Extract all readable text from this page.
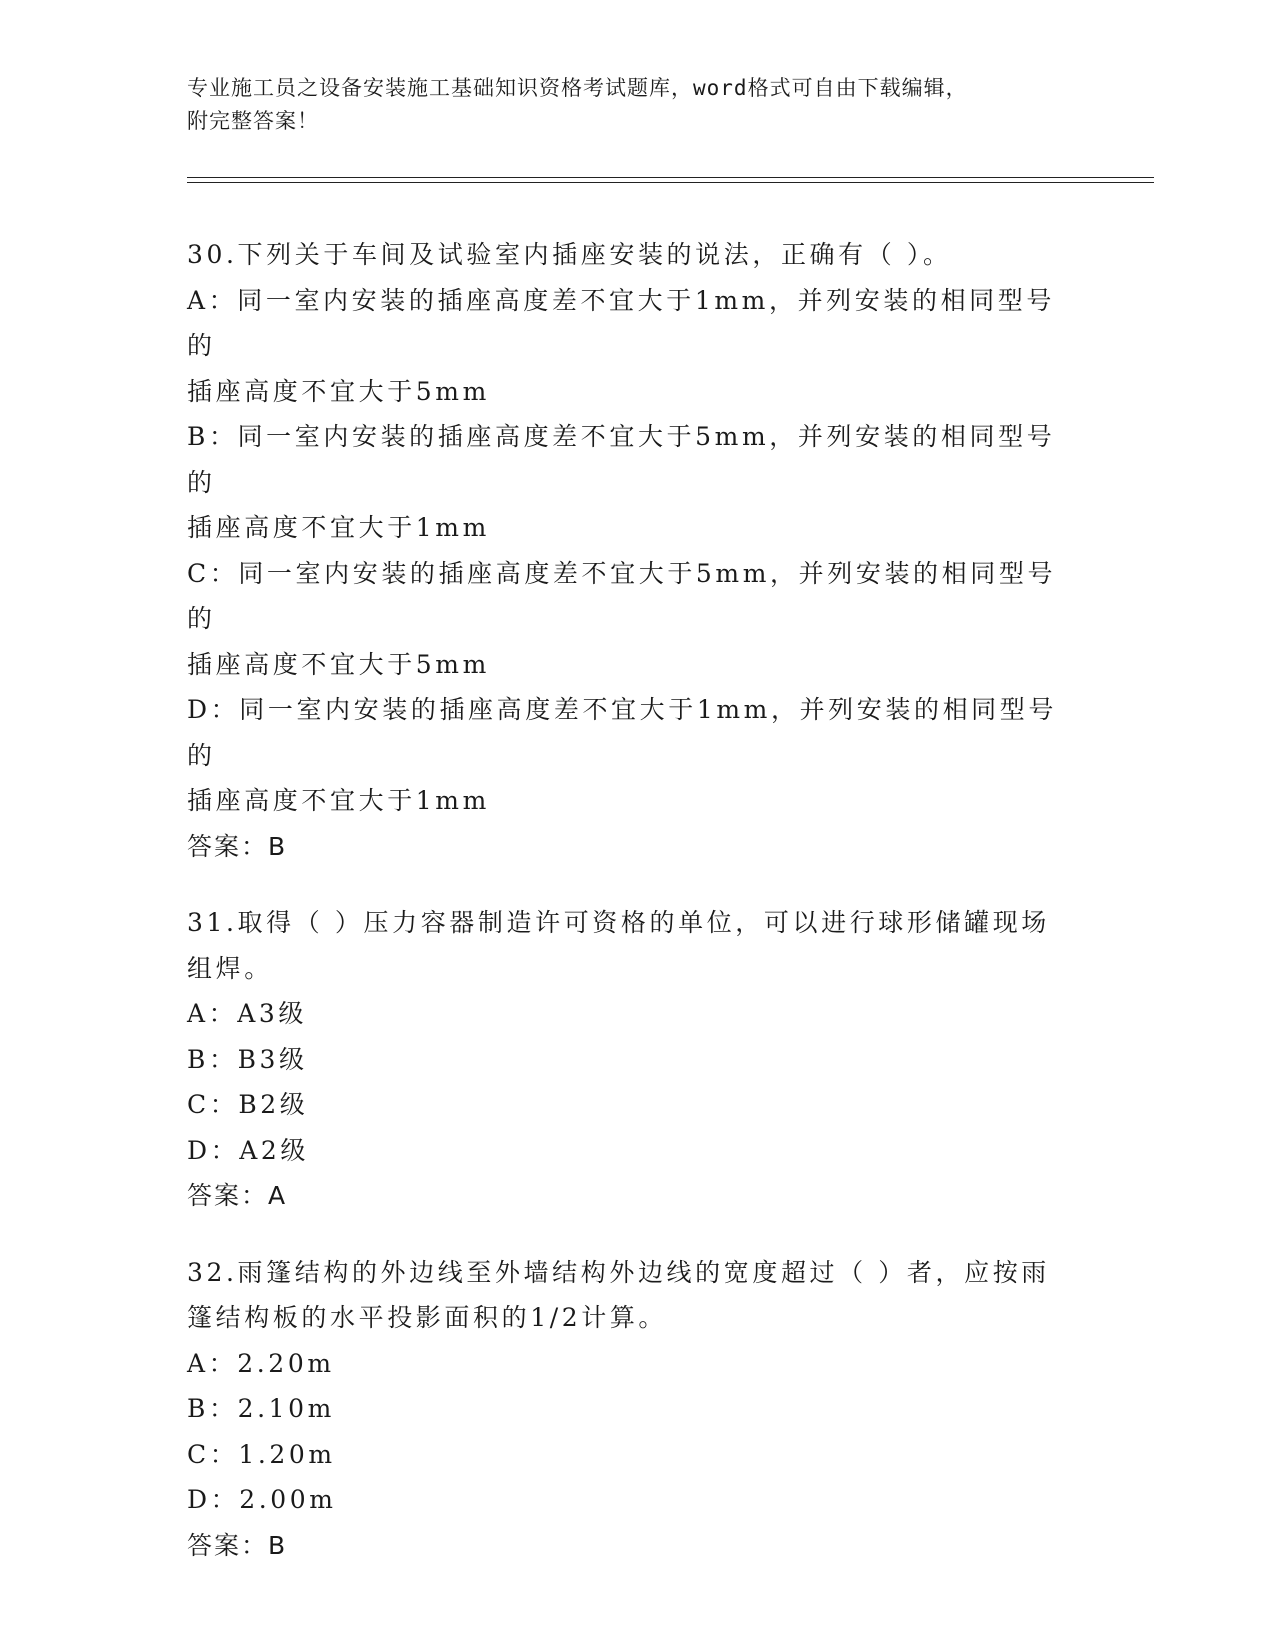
专业施工员之设备安装施工基础知识资格考试题库，word格式可自由下载编辑，
附完整答案！
30.下列关于车间及试验室内插座安装的说法，正确有（ ）。
A：同一室内安装的插座高度差不宜大于1mm，并列安装的相同型号的
插座高度不宜大于5mm
B：同一室内安装的插座高度差不宜大于5mm，并列安装的相同型号的
插座高度不宜大于1mm
C：同一室内安装的插座高度差不宜大于5mm，并列安装的相同型号的
插座高度不宜大于5mm
D：同一室内安装的插座高度差不宜大于1mm，并列安装的相同型号的
插座高度不宜大于1mm
答案：B
31.取得（ ）压力容器制造许可资格的单位，可以进行球形储罐现场
组焊。
A：A3级
B：B3级
C：B2级
D：A2级
答案：A
32.雨篷结构的外边线至外墙结构外边线的宽度超过（ ）者，应按雨
篷结构板的水平投影面积的1/2计算。
A：2.20m
B：2.10m
C：1.20m
D：2.00m
答案：B
